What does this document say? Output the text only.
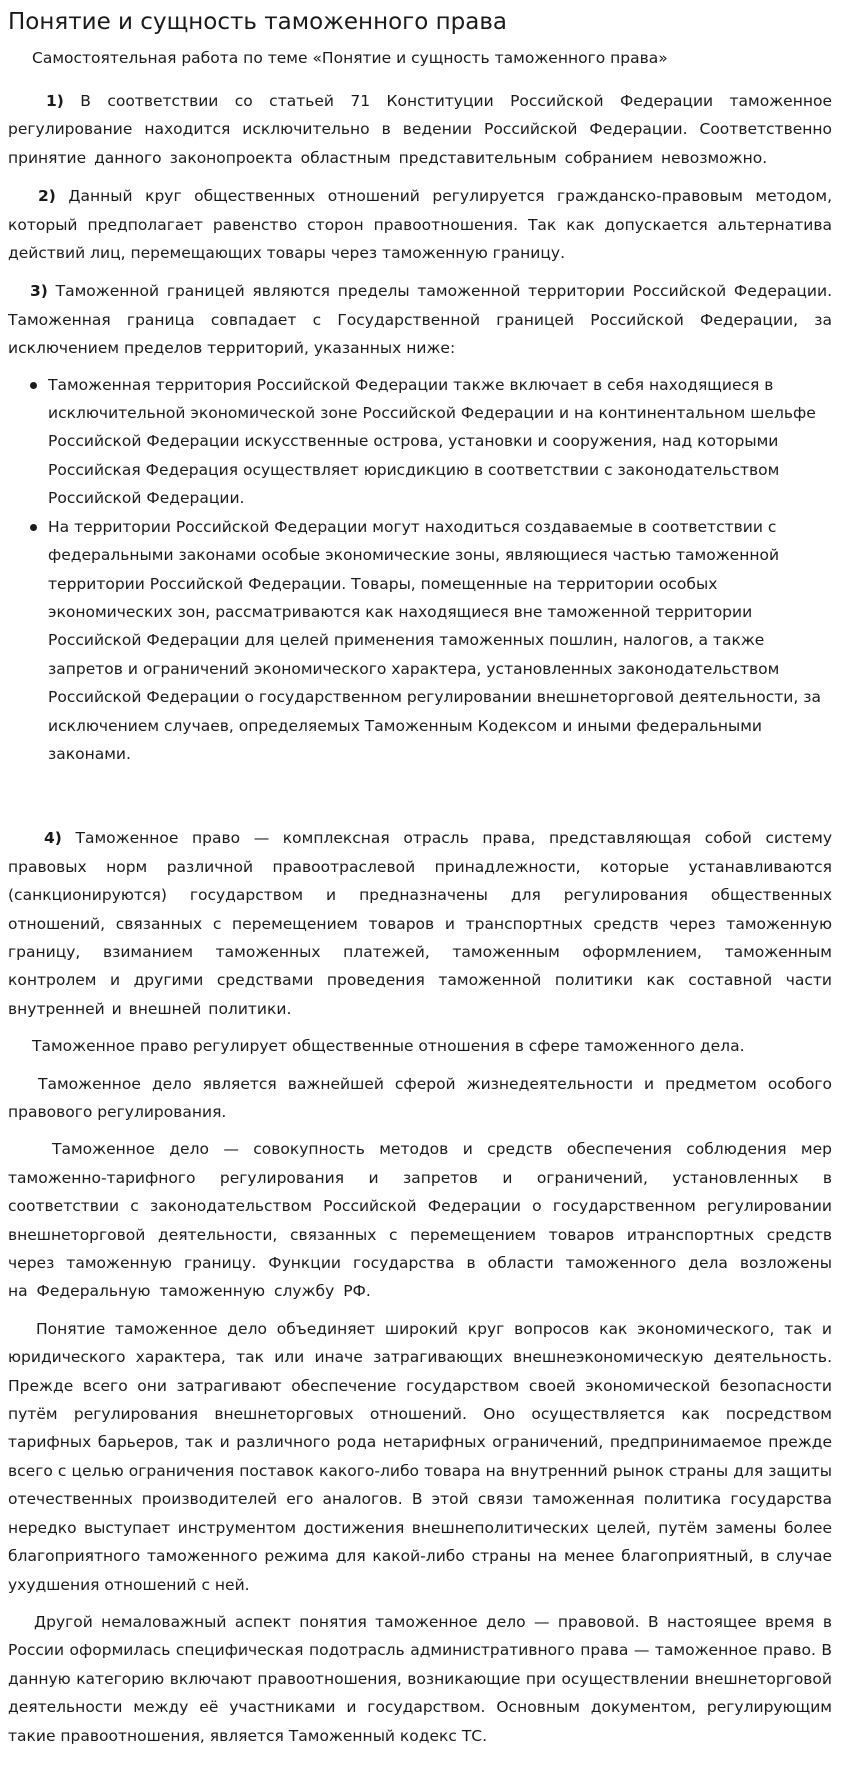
Понятие и сущность таможенного права
Самостоятельная работа по теме «Понятие и сущность таможенного права»

1) В соответствии со статьей 71 Конституции Российской Федерации таможенное регулирование находится исключительно в ведении Российской Федерации. Соответственно принятие данного законопроекта областным представительным собранием невозможно.

2) Данный круг общественных отношений регулируется гражданско-правовым методом, который предполагает равенство сторон правоотношения. Так как допускается альтернатива действий лиц, перемещающих товары через таможенную границу.

3) Таможенной границей являются пределы таможенной территории Российской Федерации. Таможенная граница совпадает с Государственной границей Российской Федерации, за исключением пределов территорий, указанных ниже:

Таможенная территория Российской Федерации также включает в себя находящиеся в исключительной экономической зоне Российской Федерации и на континентальном шельфе Российской Федерации искусственные острова, установки и сооружения, над которыми Российская Федерация осуществляет юрисдикцию в соответствии с законодательством Российской Федерации.
На территории Российской Федерации могут находиться создаваемые в соответствии с федеральными законами особые экономические зоны, являющиеся частью таможенной территории Российской Федерации. Товары, помещенные на территории особых экономических зон, рассматриваются как находящиеся вне таможенной территории Российской Федерации для целей применения таможенных пошлин, налогов, а также запретов и ограничений экономического характера, установленных законодательством Российской Федерации о государственном регулировании внешнеторговой деятельности, за исключением случаев, определяемых Таможенным Кодексом и иными федеральными законами.

4) Таможенное право — комплексная отрасль права, представляющая собой систему правовых норм различной правоотраслевой принадлежности, которые устанавливаются (санкционируются) государством и предназначены для регулирования общественных отношений, связанных с перемещением товаров и транспортных средств через таможенную границу, взиманием таможенных платежей, таможенным оформлением, таможенным контролем и другими средствами проведения таможенной политики как составной части внутренней и внешней политики.

Таможенное право регулирует общественные отношения в сфере таможенного дела.

Таможенное дело является важнейшей сферой жизнедеятельности и предметом особого правового регулирования.

Таможенное дело — совокупность методов и средств обеспечения соблюдения мер таможенно-тарифного регулирования и запретов и ограничений, установленных в соответствии с законодательством Российской Федерации о государственном регулировании внешнеторговой деятельности, связанных с перемещением товаров итранспортных средств через таможенную границу. Функции государства в области таможенного дела возложены на Федеральную таможенную службу РФ.

Понятие таможенное дело объединяет широкий круг вопросов как экономического, так и юридического характера, так или иначе затрагивающих внешнеэкономическую деятельность. Прежде всего они затрагивают обеспечение государством своей экономической безопасности путём регулирования внешнеторговых отношений. Оно осуществляется как посредством тарифных барьеров, так и различного рода нетарифных ограничений, предпринимаемое прежде всего с целью ограничения поставок какого-либо товара на внутренний рынок страны для защиты отечественных производителей его аналогов. В этой связи таможенная политика государства нередко выступает инструментом достижения внешнеполитических целей, путём замены более благоприятного таможенного режима для какой-либо страны на менее благоприятный, в случае ухудшения отношений с ней.

Другой немаловажный аспект понятия таможенное дело — правовой. В настоящее время в России оформилась специфическая подотрасль административного права — таможенное право. В данную категорию включают правоотношения, возникающие при осуществлении внешнеторговой деятельности между её участниками и государством. Основным документом, регулирующим такие правоотношения, является Таможенный кодекс ТС.
